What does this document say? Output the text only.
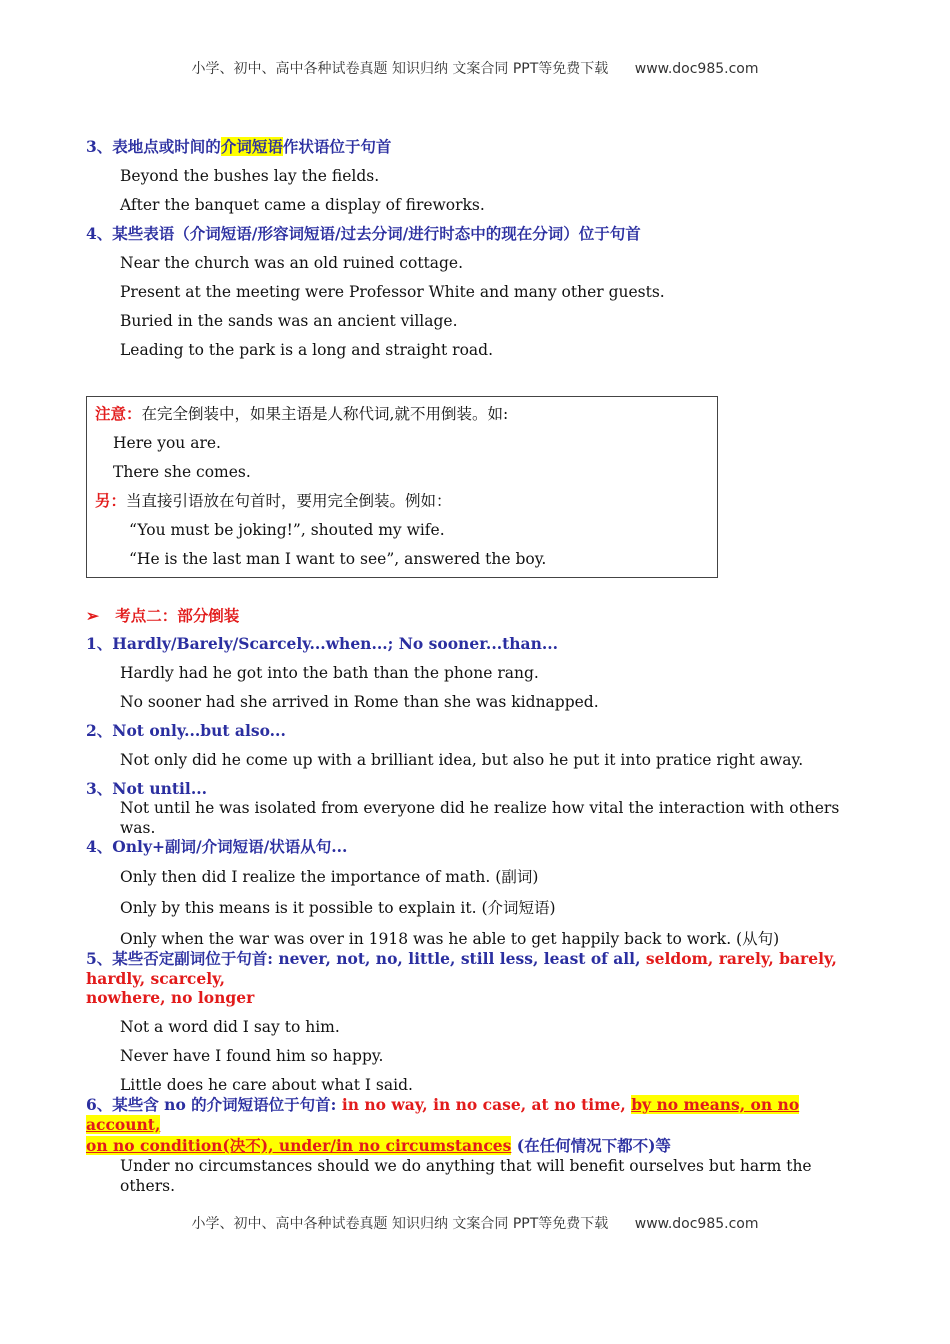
小学、初中、高中各种试卷真题 知识归纳 文案合同 PPT等免费下载 www.doc985.com

3、表地点或时间的介词短语作状语位于句首

Beyond the bushes lay the fields.

After the banquet came a display of fireworks.

4、某些表语（介词短语/形容词短语/过去分词/进行时态中的现在分词）位于句首

Near the church was an old ruined cottage.

Present at the meeting were Professor White and many other guests.

Buried in the sands was an ancient village.

Leading to the park is a long and straight road.

注意：在完全倒装中，如果主语是人称代词,就不用倒装。如:

Here you are.

There she comes.

另：当直接引语放在句首时，要用完全倒装。例如：

“You must be joking!”, shouted my wife.

“He is the last man I want to see”, answered the boy.

➢ 考点二：部分倒装

1、Hardly/Barely/Scarcely...when...; No sooner...than...

Hardly had he got into the bath than the phone rang.

No sooner had she arrived in Rome than she was kidnapped.

2、Not only...but also...

Not only did he come up with a brilliant idea, but also he put it into pratice right away.

3、Not until...

Not until he was isolated from everyone did he realize how vital the interaction with others was.

4、Only+副词/介词短语/状语从句...

Only then did I realize the importance of math. (副词)

Only by this means is it possible to explain it. (介词短语)

Only when the war was over in 1918 was he able to get happily back to work. (从句)

5、某些否定副词位于句首: never, not, no, little, still less, least of all, seldom, rarely, barely, hardly, scarcely,

nowhere, no longer

Not a word did I say to him.

Never have I found him so happy.

Little does he care about what I said.

6、某些含 no 的介词短语位于句首: in no way, in no case, at no time, by no means, on no account,

on no condition(决不), under/in no circumstances (在任何情况下都不)等

Under no circumstances should we do anything that will benefit ourselves but harm the others.

小学、初中、高中各种试卷真题 知识归纳 文案合同 PPT等免费下载 www.doc985.com
